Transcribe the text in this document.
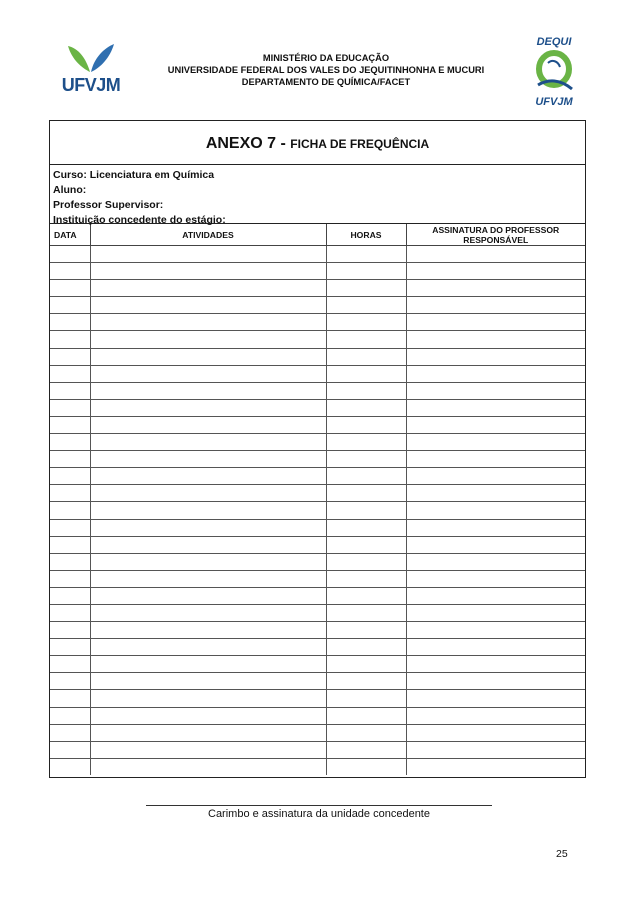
UFVJM
MINISTÉRIO DA EDUCAÇÃO
UNIVERSIDADE FEDERAL DOS VALES DO JEQUITINHONHA E MUCURI
DEPARTAMENTO DE QUÍMICA/FACET
DEQUI
UFVJM
ANEXO 7 - FICHA DE FREQUÊNCIA
Curso: Licenciatura em Química
Aluno:
Professor Supervisor:
Instituição concedente do estágio:
DATA	ATIVIDADES	HORAS	ASSINATURA DO PROFESSOR RESPONSÁVEL

Carimbo e assinatura da unidade concedente
25
